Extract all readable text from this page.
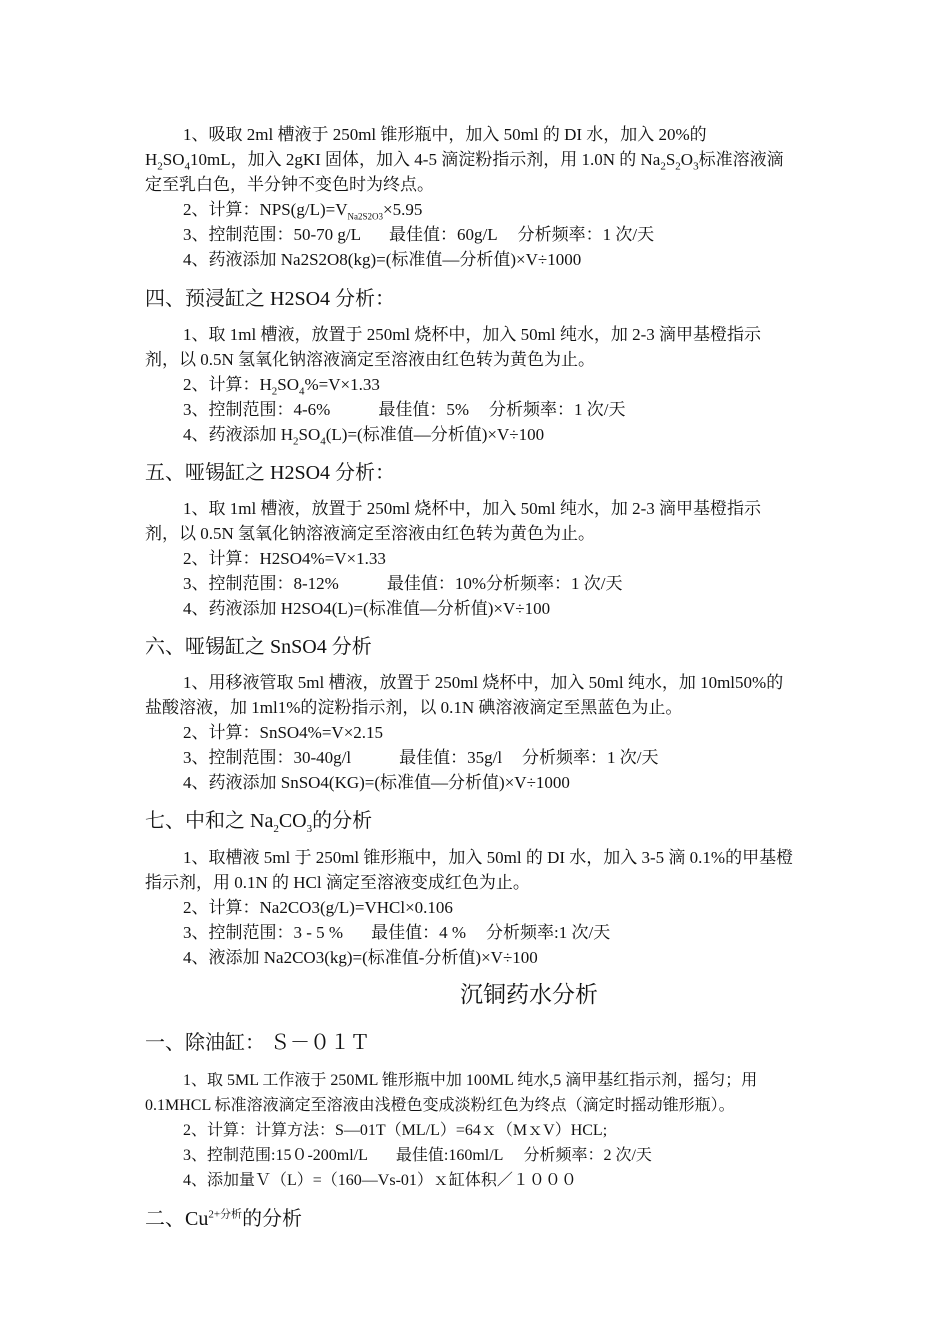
1、吸取 2ml 槽液于 250ml 锥形瓶中，加入 50ml 的 DI 水，加入 20%的
$H_2SO_410mL$，加入 2gKI 固体，加入 4-5 滴淀粉指示剂，用 1.0N 的 $Na_2S_2O_3$标准溶液滴
定至乳白色，半分钟不变色时为终点。
2、计算：$NPS(g/L)=V_{Na2S2O3}\times 5.95$
3、控制范围：50-70 g/L 最佳值：60g/L 分析频率：1 次/天
4、药液添加 Na2S2O8(kg)=(标准值—分析值)×V÷1000
四、预浸缸之 H2SO4 分析：
1、取 1ml 槽液，放置于 250ml 烧杯中，加入 50ml 纯水，加 2-3 滴甲基橙指示
剂，以 0.5N 氢氧化钠溶液滴定至溶液由红色转为黄色为止。
2、计算：$H_2SO_4\%=V\times 1.33$
3、控制范围：4-6%	最佳值：5% 分析频率：1 次/天
4、药液添加 $H_2SO_4(L)=$(标准值—分析值)×V÷100
五、哑锡缸之 H2SO4 分析：
1、取 1ml 槽液，放置于 250ml 烧杯中，加入 50ml 纯水，加 2-3 滴甲基橙指示
剂，以 0.5N 氢氧化钠溶液滴定至溶液由红色转为黄色为止。
2、计算：H2SO4%=V×1.33
3、控制范围：8-12%	最佳值：10%分析频率：1 次/天
4、药液添加 H2SO4(L)=(标准值—分析值)×V÷100
六、哑锡缸之 SnSO4 分析
1、用移液管取 5ml 槽液，放置于 250ml 烧杯中，加入 50ml 纯水，加 10ml50%的
盐酸溶液，加 1ml1%的淀粉指示剂，以 0.1N 碘溶液滴定至黑蓝色为止。
2、计算：SnSO4%=V×2.15
3、控制范围：30-40g/l	最佳值：35g/l 分析频率：1 次/天
4、药液添加 SnSO4(KG)=(标准值—分析值)×V÷1000
七、中和之 $Na_2CO_3$的分析
1、取槽液 5ml 于 250ml 锥形瓶中，加入 50ml 的 DI 水，加入 3-5 滴 0.1%的甲基橙
指示剂，用 0.1N 的 HCl 滴定至溶液变成红色为止。
2、计算：Na2CO3(g/L)=VHCl×0.106
3、控制范围：3 - 5 % 最佳值：4 % 分析频率:1 次/天
4、液添加 Na2CO3(kg)=(标准值-分析值)×V÷100
沉铜药水分析
一、除油缸： Ｓ－０１Ｔ
1、取 5ML 工作液于 250ML 锥形瓶中加 100ML 纯水,5 滴甲基红指示剂，摇匀；用
0.1MHCL 标准溶液滴定至溶液由浅橙色变成淡粉红色为终点（滴定时摇动锥形瓶）。
2、计算：计算方法：S—01T（ML/L）=64ｘ（MｘV）HCL;
3、控制范围:15０-200ml/L 最佳值:160ml/L 分析频率：2 次/天
4、添加量Ｖ（L）=（160—Vs-01）ｘ缸体积／１０００
二、$Cu^{2+分析}$的分析
